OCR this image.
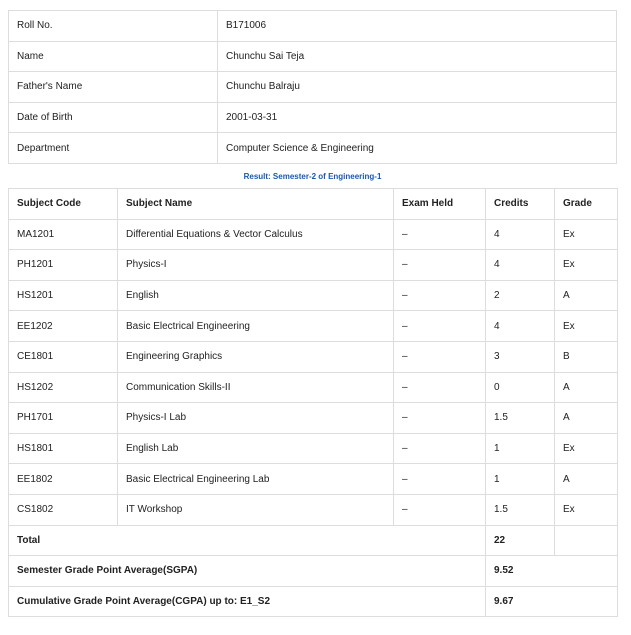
Roll No.	B171006
Name	Chunchu Sai Teja
Father's Name	Chunchu Balraju
Date of Birth	2001-03-31
Department	Computer Science & Engineering
Result: Semester-2 of Engineering-1
Subject Code	Subject Name	Exam Held	Credits	Grade
MA1201	Differential Equations & Vector Calculus	–	4	Ex
PH1201	Physics-I	–	4	Ex
HS1201	English	–	2	A
EE1202	Basic Electrical Engineering	–	4	Ex
CE1801	Engineering Graphics	–	3	B
HS1202	Communication Skills-II	–	0	A
PH1701	Physics-I Lab	–	1.5	A
HS1801	English Lab	–	1	Ex
EE1802	Basic Electrical Engineering Lab	–	1	A
CS1802	IT Workshop	–	1.5	Ex
Total			22	
Semester Grade Point Average(SGPA)			9.52	
Cumulative Grade Point Average(CGPA) up to: E1_S2			9.67	
